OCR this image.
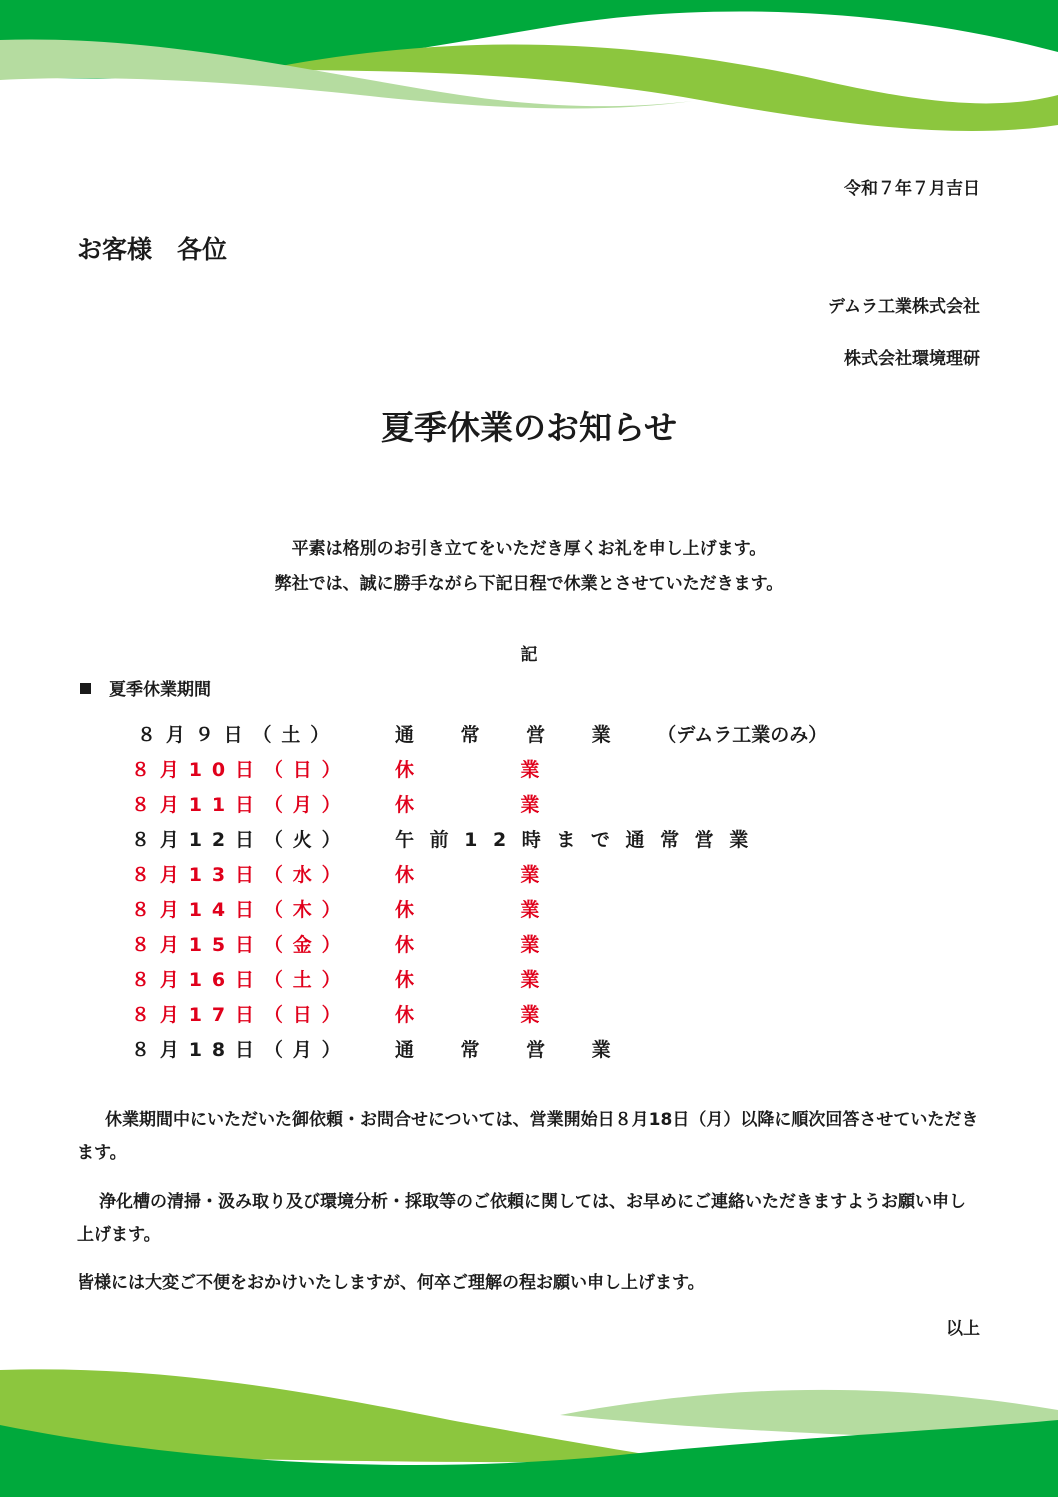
令和７年７月吉日

お客様　各位

デムラ工業株式会社

株式会社環境理研

夏季休業のお知らせ

平素は格別のお引き立てをいただき厚くお礼を申し上げます。

弊社では、誠に勝手ながら下記日程で休業とさせていただきます。

記

夏季休業期間

８月９日（土）	通常営業（デムラ工業のみ）
８月10日（日） 休業
８月11日（月） 休業
８月12日（火） 午前12時まで通常営業
８月13日（水） 休業
８月14日（木） 休業
８月15日（金） 休業
８月16日（土） 休業
８月17日（日） 休業
８月18日（月） 通常営業

休業期間中にいただいた御依頼・お問合せについては、営業開始日８月18日（月）以降に順次回答させていただきます。

浄化槽の清掃・汲み取り及び環境分析・採取等のご依頼に関しては、お早めにご連絡いただきますようお願い申し上げます。

皆様には大変ご不便をおかけいたしますが、何卒ご理解の程お願い申し上げます。

以上
